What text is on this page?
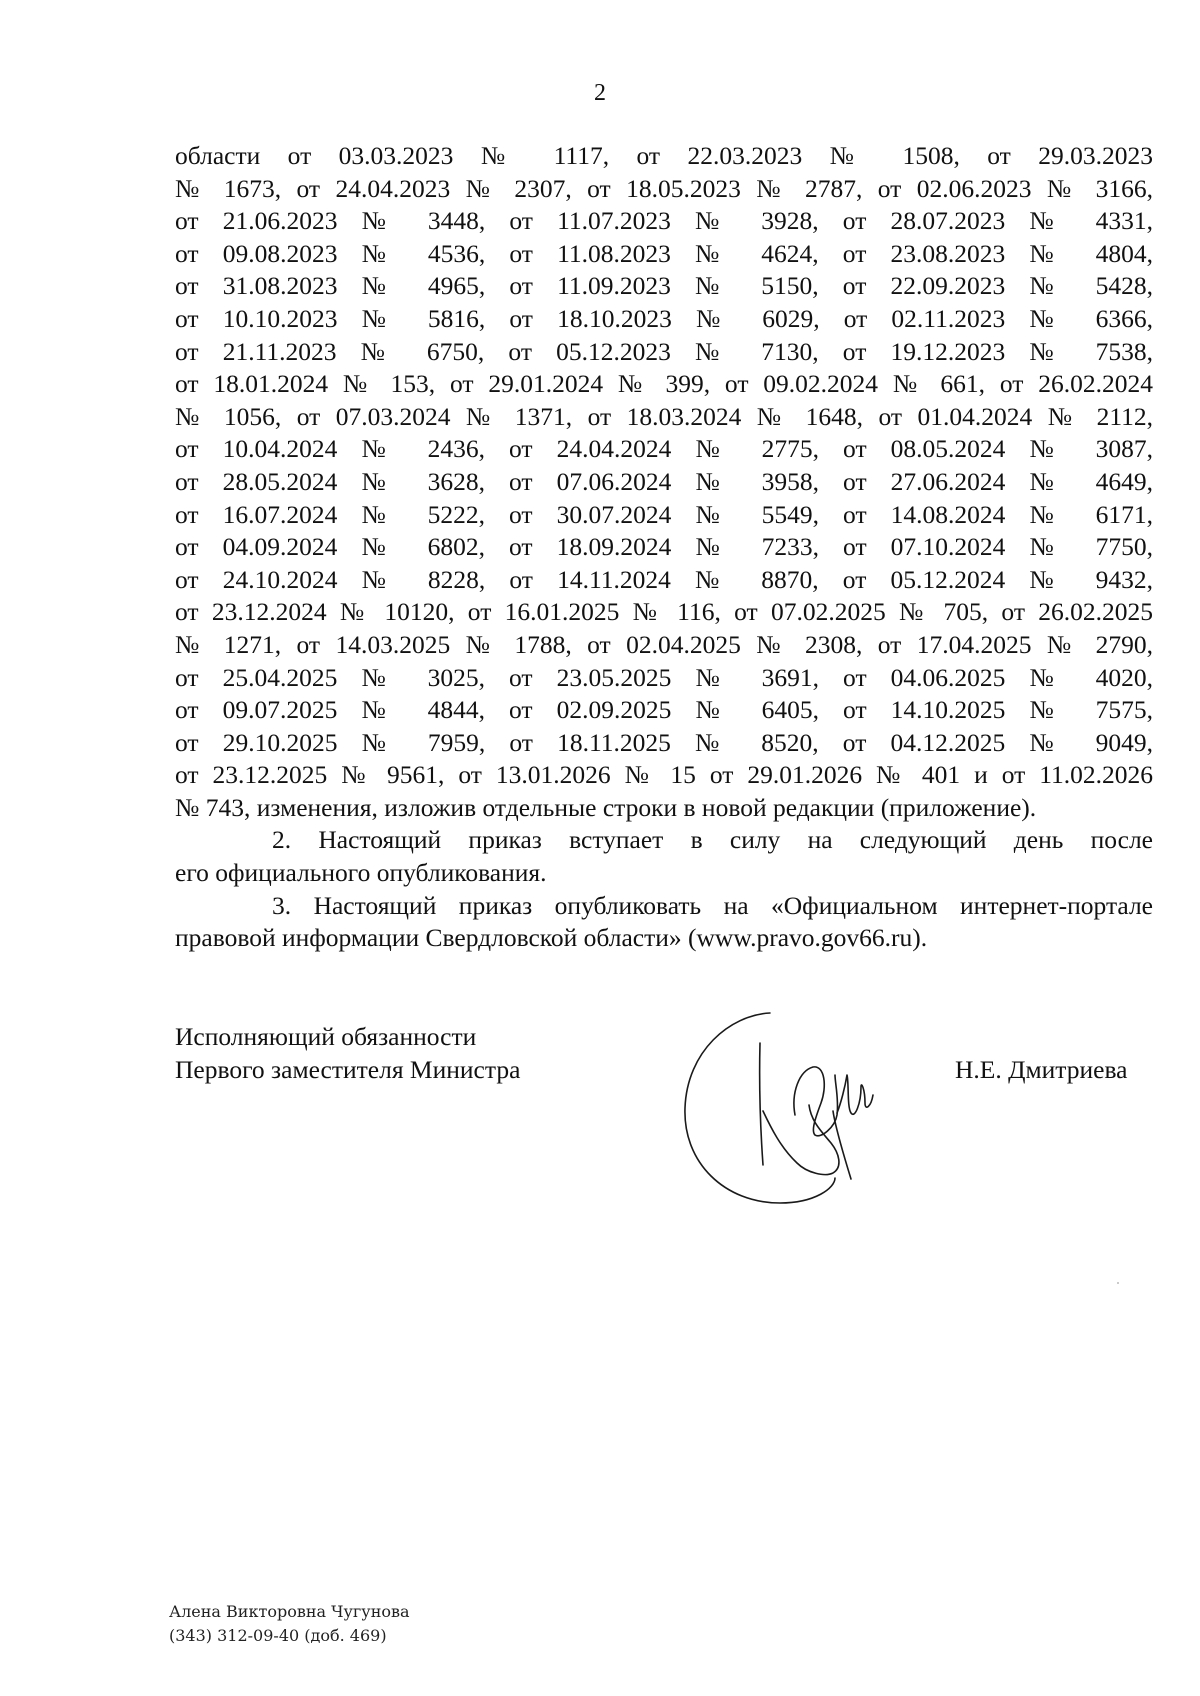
2

области от 03.03.2023 № 1117, от 22.03.2023 № 1508, от 29.03.2023

№ 1673, от 24.04.2023 № 2307, от 18.05.2023 № 2787, от 02.06.2023 № 3166,

от 21.06.2023 № 3448, от 11.07.2023 № 3928, от 28.07.2023 № 4331,

от 09.08.2023 № 4536, от 11.08.2023 № 4624, от 23.08.2023 № 4804,

от 31.08.2023 № 4965, от 11.09.2023 № 5150, от 22.09.2023 № 5428,

от 10.10.2023 № 5816, от 18.10.2023 № 6029, от 02.11.2023 № 6366,

от 21.11.2023 № 6750, от 05.12.2023 № 7130, от 19.12.2023 № 7538,

от 18.01.2024 № 153, от 29.01.2024 № 399, от 09.02.2024 № 661, от 26.02.2024

№ 1056, от 07.03.2024 № 1371, от 18.03.2024 № 1648, от 01.04.2024 № 2112,

от 10.04.2024 № 2436, от 24.04.2024 № 2775, от 08.05.2024 № 3087,

от 28.05.2024 № 3628, от 07.06.2024 № 3958, от 27.06.2024 № 4649,

от 16.07.2024 № 5222, от 30.07.2024 № 5549, от 14.08.2024 № 6171,

от 04.09.2024 № 6802, от 18.09.2024 № 7233, от 07.10.2024 № 7750,

от 24.10.2024 № 8228, от 14.11.2024 № 8870, от 05.12.2024 № 9432,

от 23.12.2024 № 10120, от 16.01.2025 № 116, от 07.02.2025 № 705, от 26.02.2025

№ 1271, от 14.03.2025 № 1788, от 02.04.2025 № 2308, от 17.04.2025 № 2790,

от 25.04.2025 № 3025, от 23.05.2025 № 3691, от 04.06.2025 № 4020,

от 09.07.2025 № 4844, от 02.09.2025 № 6405, от 14.10.2025 № 7575,

от 29.10.2025 № 7959, от 18.11.2025 № 8520, от 04.12.2025 № 9049,

от 23.12.2025 № 9561, от 13.01.2026 № 15 от 29.01.2026 № 401 и от 11.02.2026

№ 743, изменения, изложив отдельные строки в новой редакции (приложение).

2. Настоящий приказ вступает в силу на следующий день после

его официального опубликования.

3. Настоящий приказ опубликовать на «Официальном интернет-портале

правовой информации Свердловской области» (www.pravo.gov66.ru).

Исполняющий обязанности
Первого заместителя Министра	Н.Е. Дмитриева
Алена Викторовна Чугунова
(343) 312-09-40 (доб. 469)
